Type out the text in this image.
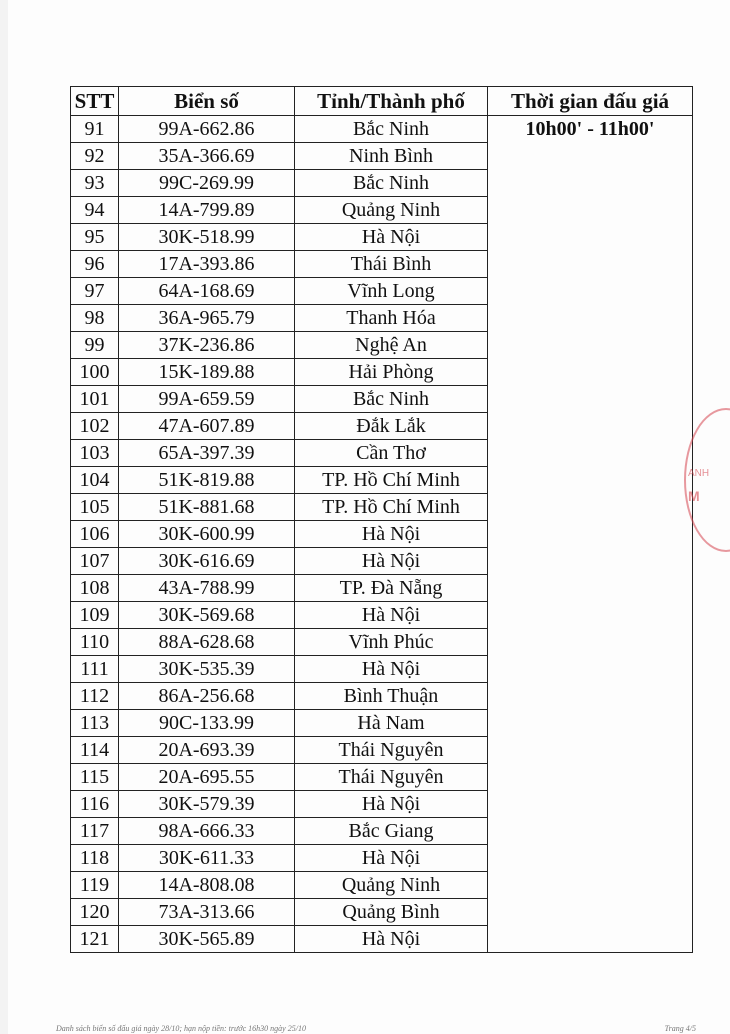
STT	Biển số	Tỉnh/Thành phố	Thời gian đấu giá
91	99A-662.86	Bắc Ninh	10h00' - 11h00'
92	35A-366.69	Ninh Bình	
93	99C-269.99	Bắc Ninh	
94	14A-799.89	Quảng Ninh	
95	30K-518.99	Hà Nội	
96	17A-393.86	Thái Bình	
97	64A-168.69	Vĩnh Long	
98	36A-965.79	Thanh Hóa	
99	37K-236.86	Nghệ An	
100	15K-189.88	Hải Phòng	
101	99A-659.59	Bắc Ninh	
102	47A-607.89	Đắk Lắk	
103	65A-397.39	Cần Thơ	
104	51K-819.88	TP. Hồ Chí Minh	
105	51K-881.68	TP. Hồ Chí Minh	
106	30K-600.99	Hà Nội	
107	30K-616.69	Hà Nội	
108	43A-788.99	TP. Đà Nẵng	
109	30K-569.68	Hà Nội	
110	88A-628.68	Vĩnh Phúc	
111	30K-535.39	Hà Nội	
112	86A-256.68	Bình Thuận	
113	90C-133.99	Hà Nam	
114	20A-693.39	Thái Nguyên	
115	20A-695.55	Thái Nguyên	
116	30K-579.39	Hà Nội	
117	98A-666.33	Bắc Giang	
118	30K-611.33	Hà Nội	
119	14A-808.08	Quảng Ninh	
120	73A-313.66	Quảng Bình	
121	30K-565.89	Hà Nội	
ANH
M
Danh sách biển số đấu giá ngày 28/10; hạn nộp tiền: trước 16h30 ngày 25/10	Trang 4/5
